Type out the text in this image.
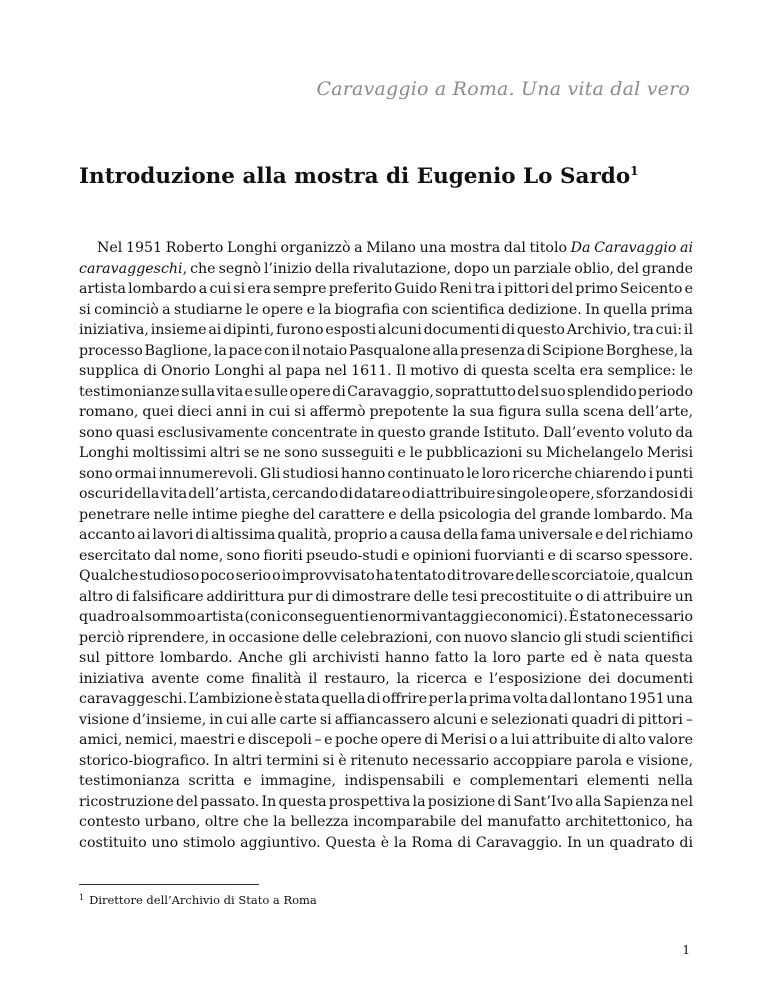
Caravaggio a Roma. Una vita dal vero
Introduzione alla mostra di Eugenio Lo Sardo$^1$
Nel 1951 Roberto Longhi organizzò a Milano una mostra dal titolo Da Caravaggio ai
caravaggeschi, che segnò l’inizio della rivalutazione, dopo un parziale oblio, del grande
artista lombardo a cui si era sempre preferito Guido Reni tra i pittori del primo Seicento e
si cominciò a studiarne le opere e la biografia con scientifica dedizione. In quella prima
iniziativa, insieme ai dipinti, furono esposti alcuni documenti di questo Archivio, tra cui: il
processo Baglione, la pace con il notaio Pasqualone alla presenza di Scipione Borghese, la
supplica di Onorio Longhi al papa nel 1611. Il motivo di questa scelta era semplice: le
testimonianze sulla vita e sulle opere di Caravaggio, soprattutto del suo splendido periodo
romano, quei dieci anni in cui si affermò prepotente la sua figura sulla scena dell’arte,
sono quasi esclusivamente concentrate in questo grande Istituto. Dall’evento voluto da
Longhi moltissimi altri se ne sono susseguiti e le pubblicazioni su Michelangelo Merisi
sono ormai innumerevoli. Gli studiosi hanno continuato le loro ricerche chiarendo i punti
oscuri della vita dell’artista, cercando di datare o di attribuire singole opere, sforzandosi di
penetrare nelle intime pieghe del carattere e della psicologia del grande lombardo. Ma
accanto ai lavori di altissima qualità, proprio a causa della fama universale e del richiamo
esercitato dal nome, sono fioriti pseudo-studi e opinioni fuorvianti e di scarso spessore.
Qualche studioso poco serio o improvvisato ha tentato di trovare delle scorciatoie, qualcun
altro di falsificare addirittura pur di dimostrare delle tesi precostituite o di attribuire un
quadro al sommo artista (con i conseguenti enormi vantaggi economici). È stato necessario
perciò riprendere, in occasione delle celebrazioni, con nuovo slancio gli studi scientifici
sul pittore lombardo. Anche gli archivisti hanno fatto la loro parte ed è nata questa
iniziativa avente come finalità il restauro, la ricerca e l’esposizione dei documenti
caravaggeschi. L’ambizione è stata quella di offrire per la prima volta dal lontano 1951 una
visione d’insieme, in cui alle carte si affiancassero alcuni e selezionati quadri di pittori –
amici, nemici, maestri e discepoli – e poche opere di Merisi o a lui attribuite di alto valore
storico-biografico. In altri termini si è ritenuto necessario accoppiare parola e visione,
testimonianza scritta e immagine, indispensabili e complementari elementi nella
ricostruzione del passato. In questa prospettiva la posizione di Sant’Ivo alla Sapienza nel
contesto urbano, oltre che la bellezza incomparabile del manufatto architettonico, ha
costituito uno stimolo aggiuntivo. Questa è la Roma di Caravaggio. In un quadrato di
$^1$ Direttore dell’Archivio di Stato a Roma
1
